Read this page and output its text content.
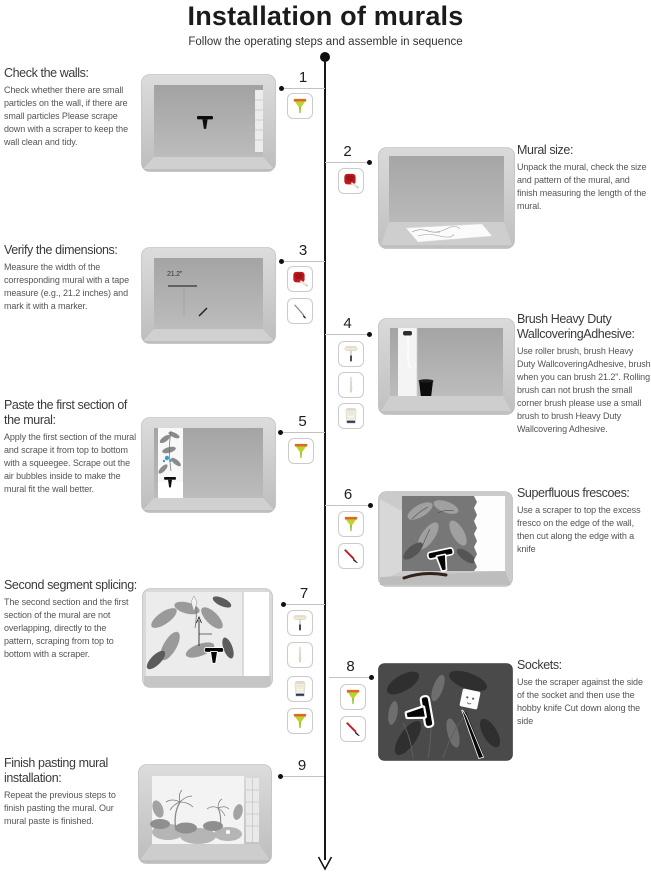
Installation of murals
Follow the operating steps and assemble in sequence
Check the walls:

Check whether there are small particles on the wall, if there are small particles Please scrape down with a scraper to keep the wall clean and tidy.

1
2	Mural size:

Unpack the mural, check the size and pattern of the mural, and finish measuring the length of the mural.

Verify the dimensions:

Measure the width of the corresponding mural with a tape measure (e.g., 21.2 inches) and mark it with a marker.

21.2"
3
4	Brush Heavy Duty WallcoveringAdhesive:

Use roller brush, brush Heavy Duty WallcoveringAdhesive, brush when you can brush 21.2". Rolling brush can not brush the small corner brush please use a small brush to brush Heavy Duty Wallcovering Adhesive.

Paste the first section of the mural:

Apply the first section of the mural and scrape it from top to bottom with a squeegee. Scrape out the air bubbles inside to make the mural fit the wall better.

5
6	Superfluous frescoes:

Use a scraper to top the excess fresco on the edge of the wall, then cut along the edge with a knife

Second segment splicing:

The second section and the first section of the mural are not overlapping, directly to the pattern, scraping from top to bottom with a scraper.

7
8	Sockets:

Use the scraper against the side of the socket and then use the hobby knife Cut down along the side

Finish pasting mural installation:

Repeat the previous steps to finish pasting the mural. Our mural paste is finished.

9
